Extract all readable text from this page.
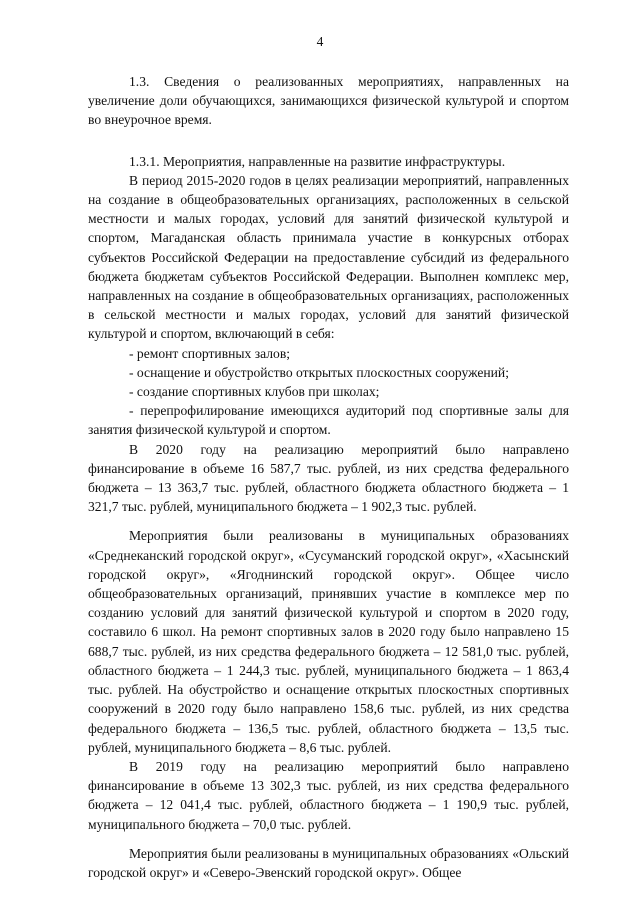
4

1.3. Сведения о реализованных мероприятиях, направленных на увеличение доли обучающихся, занимающихся физической культурой и спортом во внеурочное время.

1.3.1. Мероприятия, направленные на развитие инфраструктуры.

В период 2015-2020 годов в целях реализации мероприятий, направленных на создание в общеобразовательных организациях, расположенных в сельской местности и малых городах, условий для занятий физической культурой и спортом, Магаданская область принимала участие в конкурсных отборах субъектов Российской Федерации на предоставление субсидий из федерального бюджета бюджетам субъектов Российской Федерации. Выполнен комплекс мер, направленных на создание в общеобразовательных организациях, расположенных в сельской местности и малых городах, условий для занятий физической культурой и спортом, включающий в себя:

- ремонт спортивных залов;
- оснащение и обустройство открытых плоскостных сооружений;
- создание спортивных клубов при школах;
- перепрофилирование имеющихся аудиторий под спортивные залы для занятия физической культурой и спортом.

В 2020 году на реализацию мероприятий было направлено финансирование в объеме 16 587,7 тыс. рублей, из них средства федерального бюджета – 13 363,7 тыс. рублей, областного бюджета областного бюджета – 1 321,7 тыс. рублей, муниципального бюджета – 1 902,3 тыс. рублей.

Мероприятия были реализованы в муниципальных образованиях «Среднеканский городской округ», «Сусуманский городской округ», «Хасынский городской округ», «Ягоднинский городской округ». Общее число общеобразовательных организаций, принявших участие в комплексе мер по созданию условий для занятий физической культурой и спортом в 2020 году, составило 6 школ. На ремонт спортивных залов в 2020 году было направлено 15 688,7 тыс. рублей, из них средства федерального бюджета – 12 581,0 тыс. рублей, областного бюджета – 1 244,3 тыс. рублей, муниципального бюджета – 1 863,4 тыс. рублей. На обустройство и оснащение открытых плоскостных спортивных сооружений в 2020 году было направлено 158,6 тыс. рублей, из них средства федерального бюджета – 136,5 тыс. рублей, областного бюджета – 13,5 тыс. рублей, муниципального бюджета – 8,6 тыс. рублей.

В 2019 году на реализацию мероприятий было направлено финансирование в объеме 13 302,3 тыс. рублей, из них средства федерального бюджета – 12 041,4 тыс. рублей, областного бюджета – 1 190,9 тыс. рублей, муниципального бюджета – 70,0 тыс. рублей.

Мероприятия были реализованы в муниципальных образованиях «Ольский городской округ» и «Северо-Эвенский городской округ». Общее
